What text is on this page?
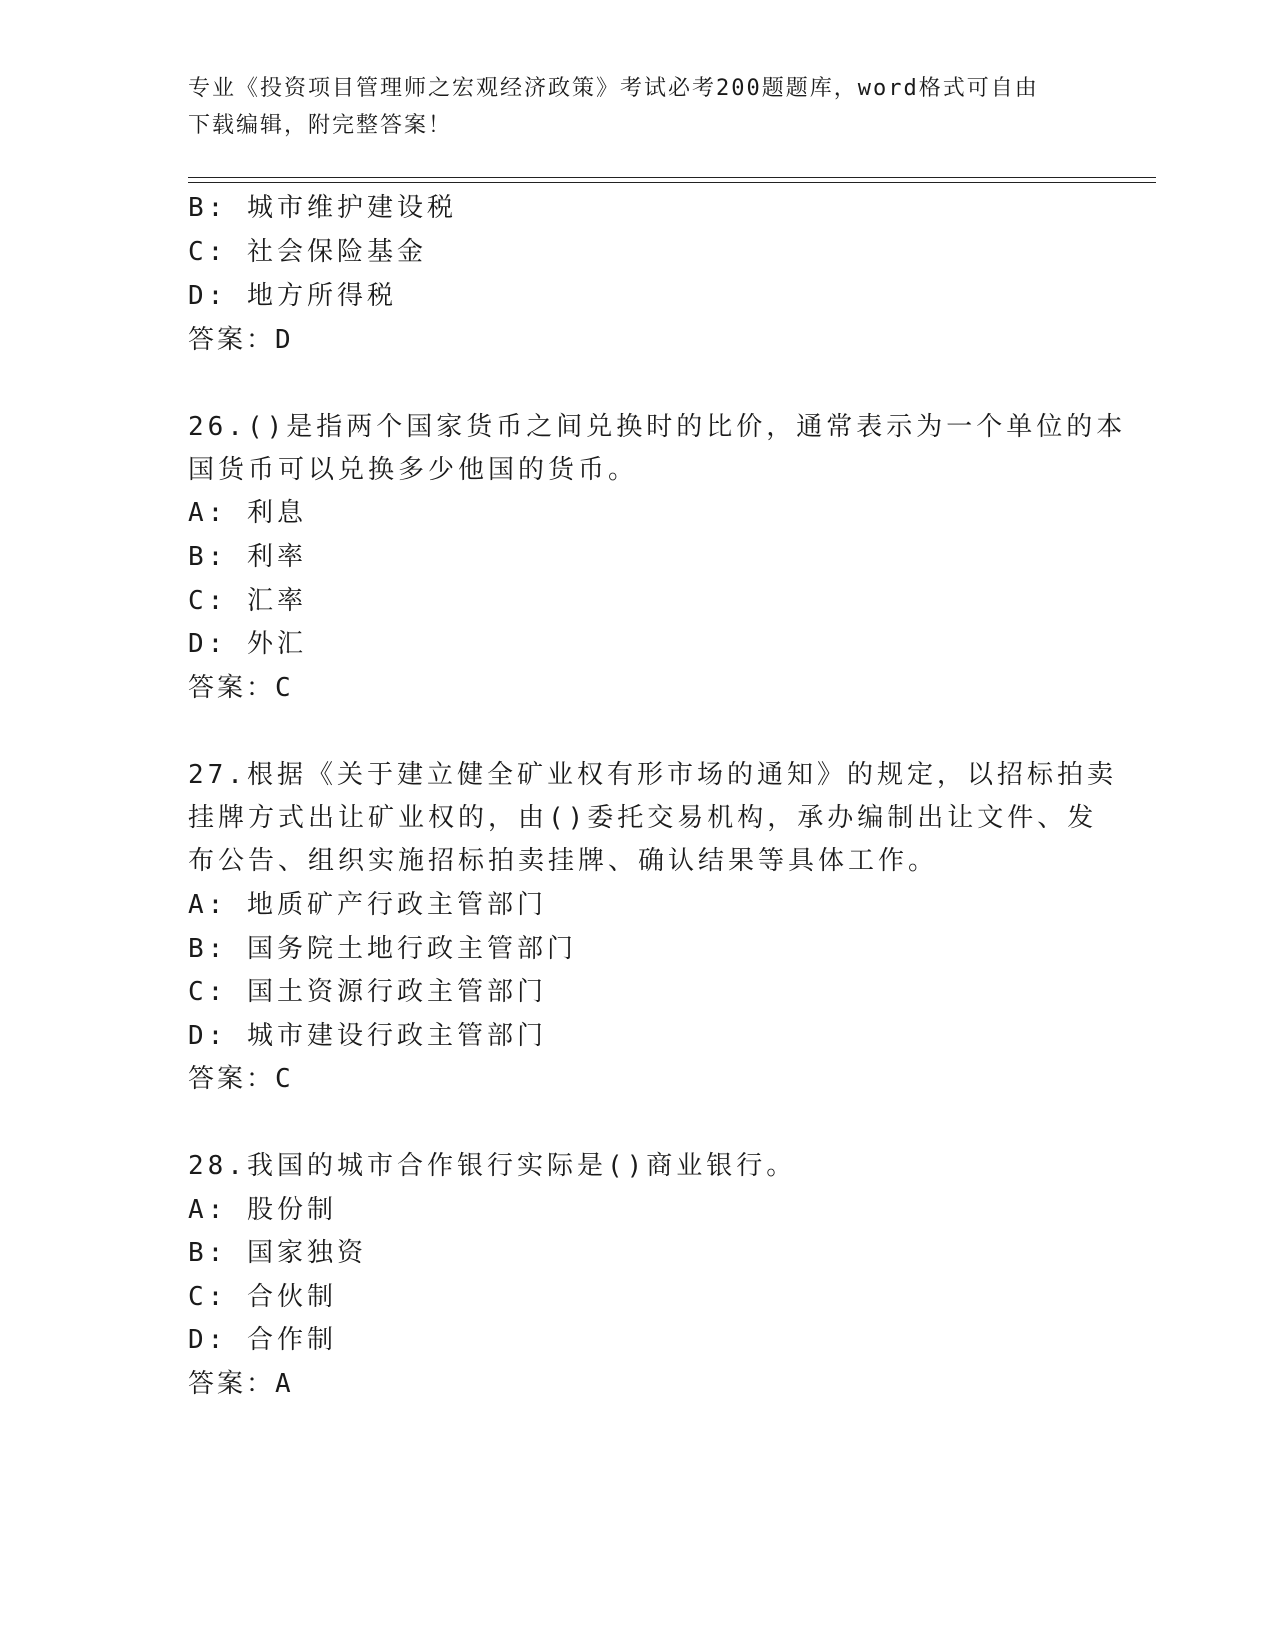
专业《投资项目管理师之宏观经济政策》考试必考200题题库，word格式可自由
下载编辑，附完整答案！
B: 城市维护建设税
C: 社会保险基金
D: 地方所得税
答案：D
26.()是指两个国家货币之间兑换时的比价，通常表示为一个单位的本
国货币可以兑换多少他国的货币。
A: 利息
B: 利率
C: 汇率
D: 外汇
答案：C
27.根据《关于建立健全矿业权有形市场的通知》的规定，以招标拍卖
挂牌方式出让矿业权的，由()委托交易机构，承办编制出让文件、发
布公告、组织实施招标拍卖挂牌、确认结果等具体工作。
A: 地质矿产行政主管部门
B: 国务院土地行政主管部门
C: 国土资源行政主管部门
D: 城市建设行政主管部门
答案：C
28.我国的城市合作银行实际是()商业银行。
A: 股份制
B: 国家独资
C: 合伙制
D: 合作制
答案：A
